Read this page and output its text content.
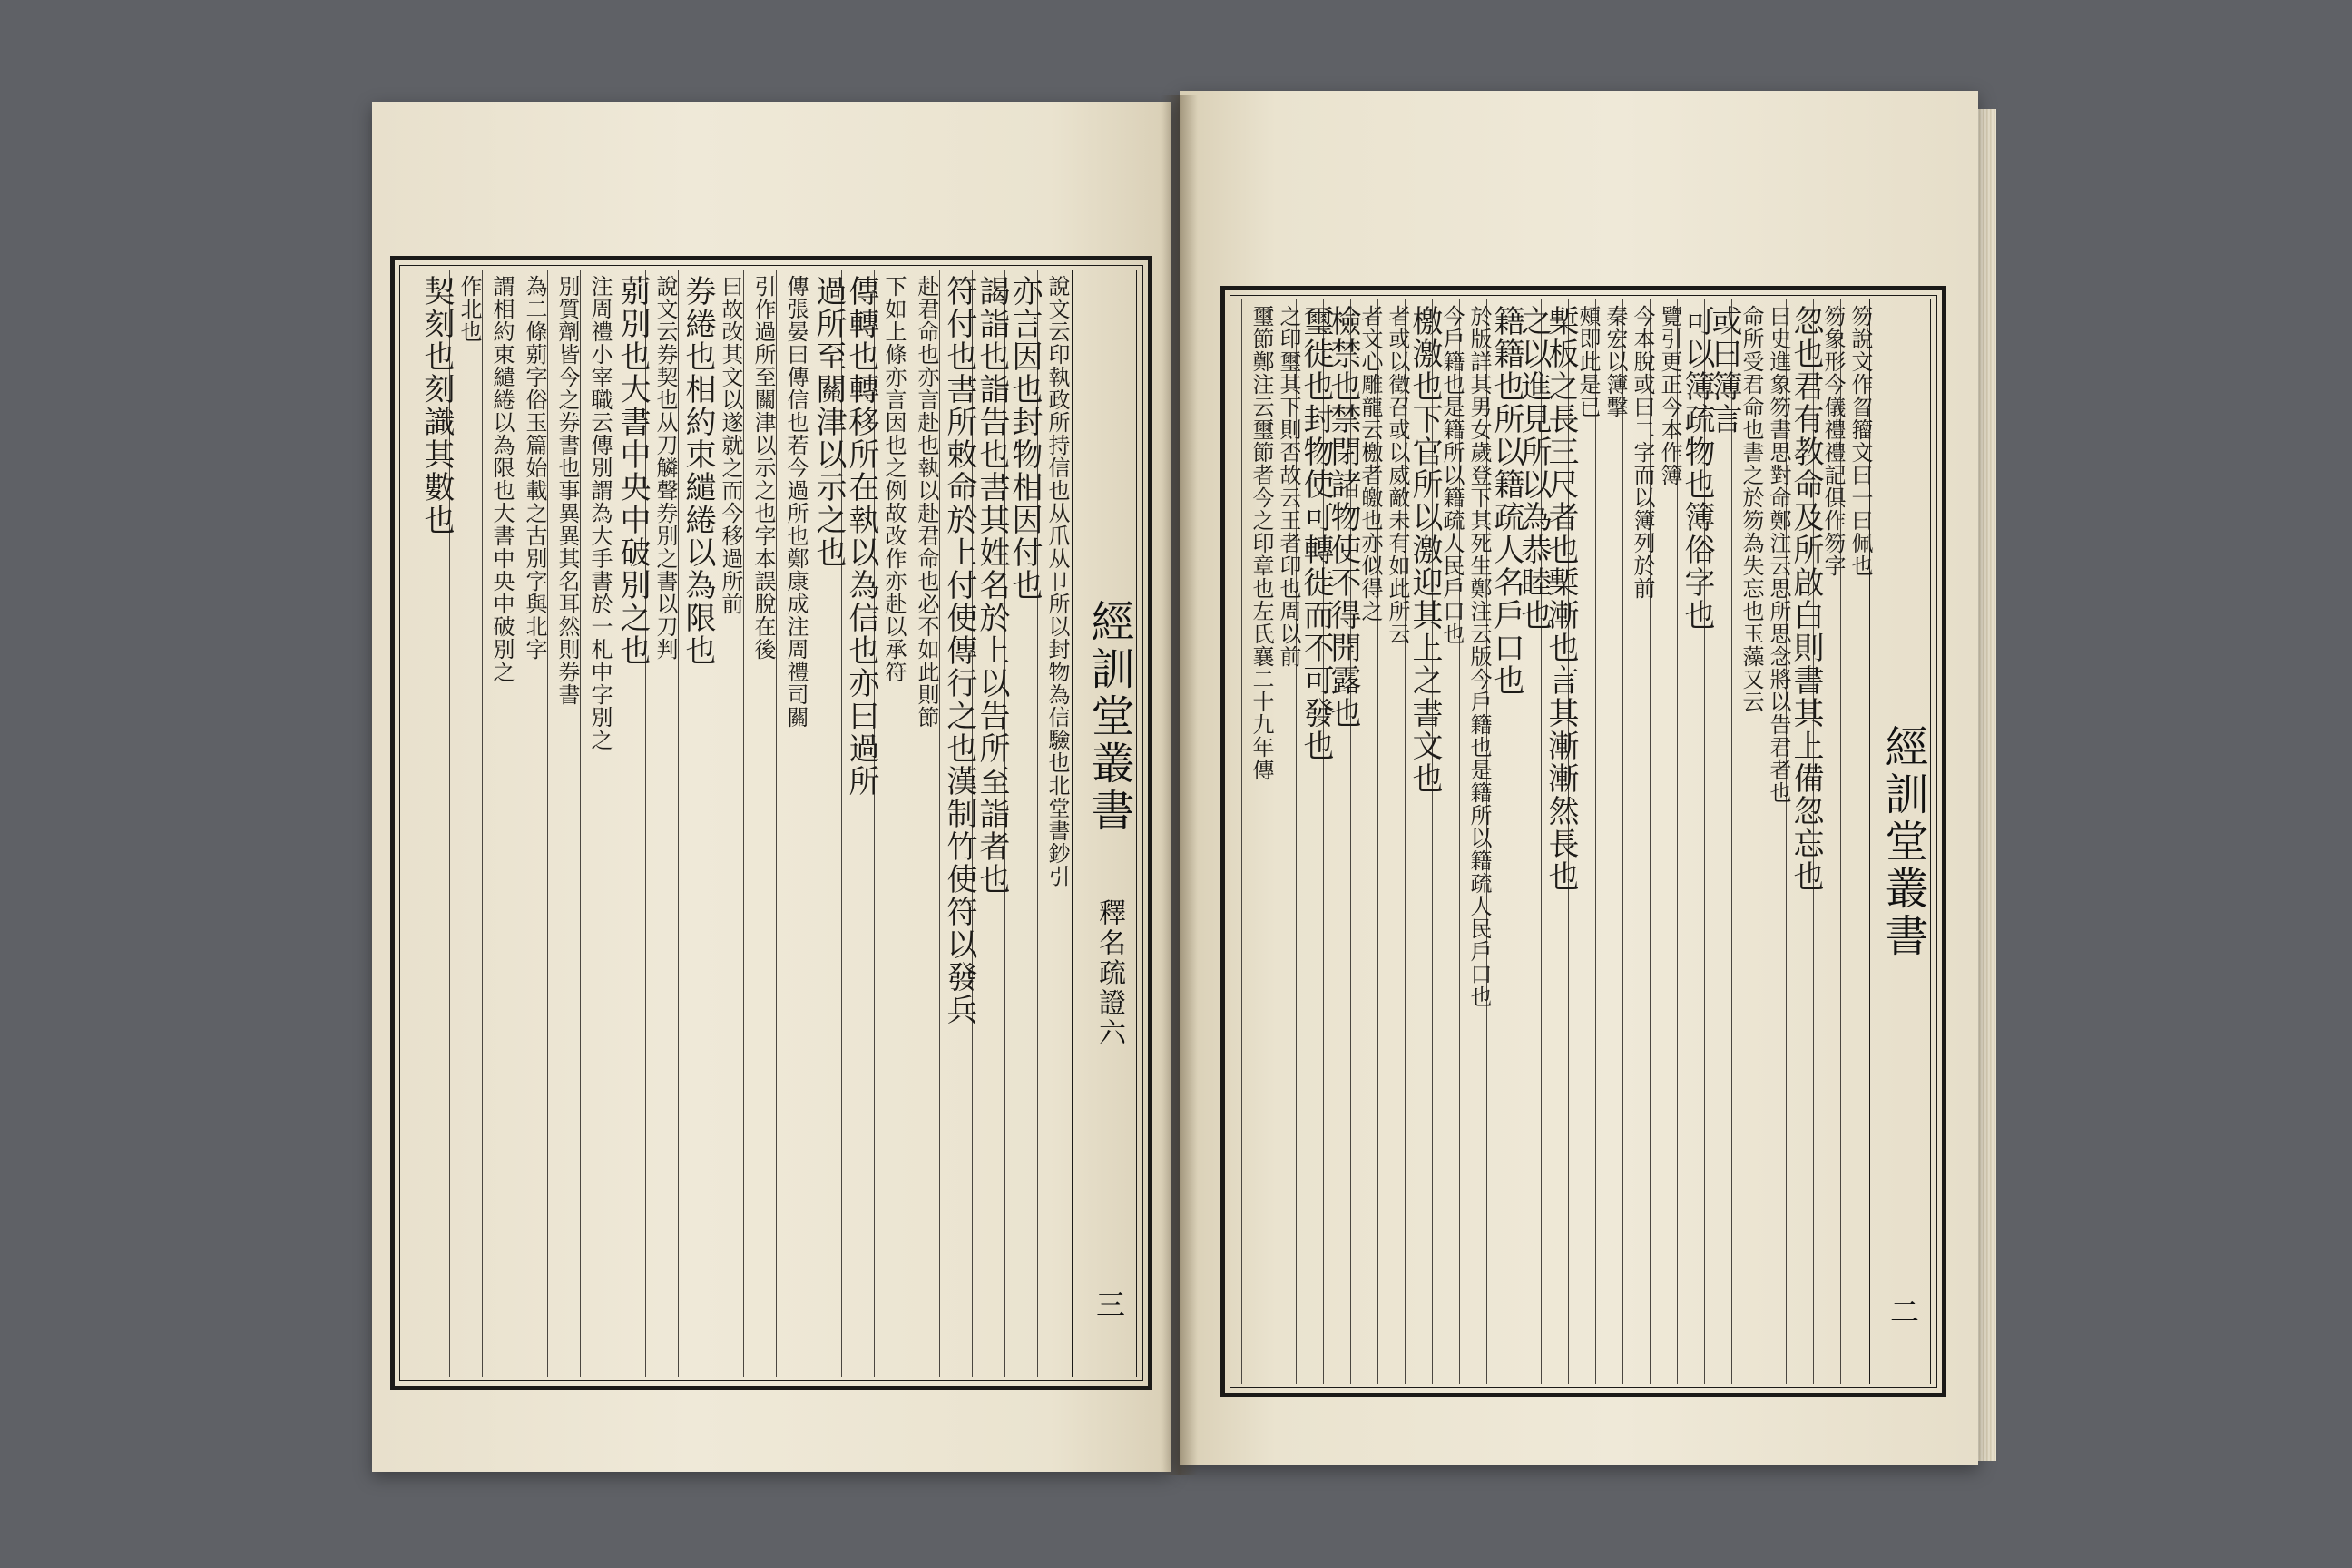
經訓堂叢書釋名疏證六
三
說文云印執政所持信也从爪从卩所以封物為信驗也北堂書鈔引
亦言因也封物相因付也
謁詣也詣告也書其姓名於上以告所至詣者也
符付也書所敕命於上付使傳行之也漢制竹使符以發兵
赴君命也亦言赴也執以赴君命也必不如此則節
下如上條亦言因也之例故改作亦赴以承符
傳轉也轉移所在執以為信也亦曰過所
過所至關津以示之也
傳張晏曰傳信也若今過所也鄭康成注周禮司關
引作過所至關津以示之也字本誤脫在後
曰故改其文以遂就之而今移過所前
券綣也相約束繾綣以為限也
說文云券契也从刀䚬聲券別之書以刀判
莂別也大書中央中破別之也
注周禮小宰職云傳別謂為大手書於一札中字別之
別質劑皆今之券書也事異異其名耳然則券書
為二條莂字俗玉篇始載之古別字與北字
謂相約束繾綣以為限也大書中央中破別之
作北也
契刻也刻識其數也
經訓堂叢書
二
笏說文作曶籀文曰一曰佩也
笏象形今儀禮禮記俱作笏字
忽也君有教命及所啟白則書其上備忽忘也
曰史進象笏書思對命鄭注云思所思念將以告君者也
命所受君命也書之於笏為失忘也玉藻又云
或曰簿言
可以簿疏物也簿俗字也
覽引更正今本作簿
今本脫或曰二字而以簿列於前
秦宏以簿擊
頰即此是已
槧板之長三尺者也槧漸也言其漸漸然長也
之以進見所以為恭睦也
籍籍也所以籍疏人名戶口也
於版詳其男女歲登下其死生鄭注云版今戶籍也是籍所以籍疏人民戶口也
今戶籍也是籍所以籍疏人民戶口也
檄激也下官所以激迎其上之書文也
者或以徵召或以威敵未有如此所云
者文心雕龍云檄者皦也亦似得之
檢禁也禁閉諸物使不得開露也
璽徙也封物使可轉徙而不可發也
之印璽其下則否故云王者印也周以前
璽節鄭注云璽節者今之印章也左氏襄二十九年傳
